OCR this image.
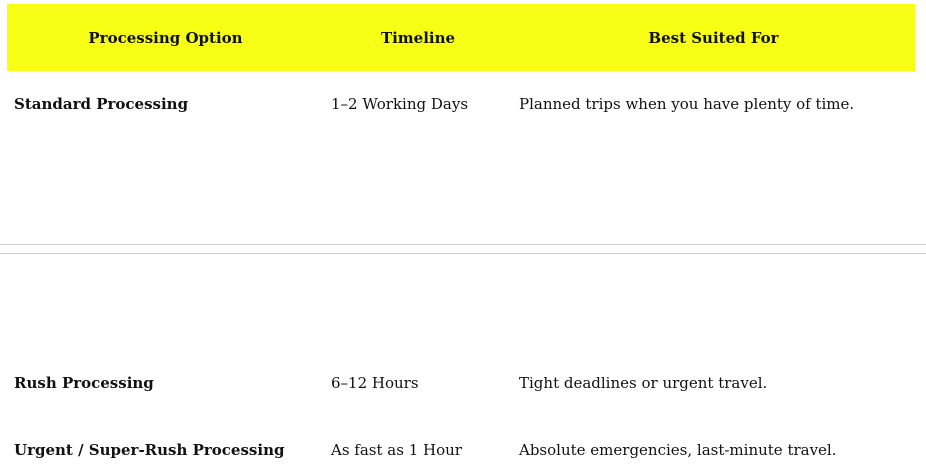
Processing Option	Timeline	Best Suited For
Standard Processing	1–2 Working Days	Planned trips when you have plenty of time.
Rush Processing	6–12 Hours	Tight deadlines or urgent travel.
Urgent / Super-Rush Processing	As fast as 1 Hour	Absolute emergencies, last-minute travel.
